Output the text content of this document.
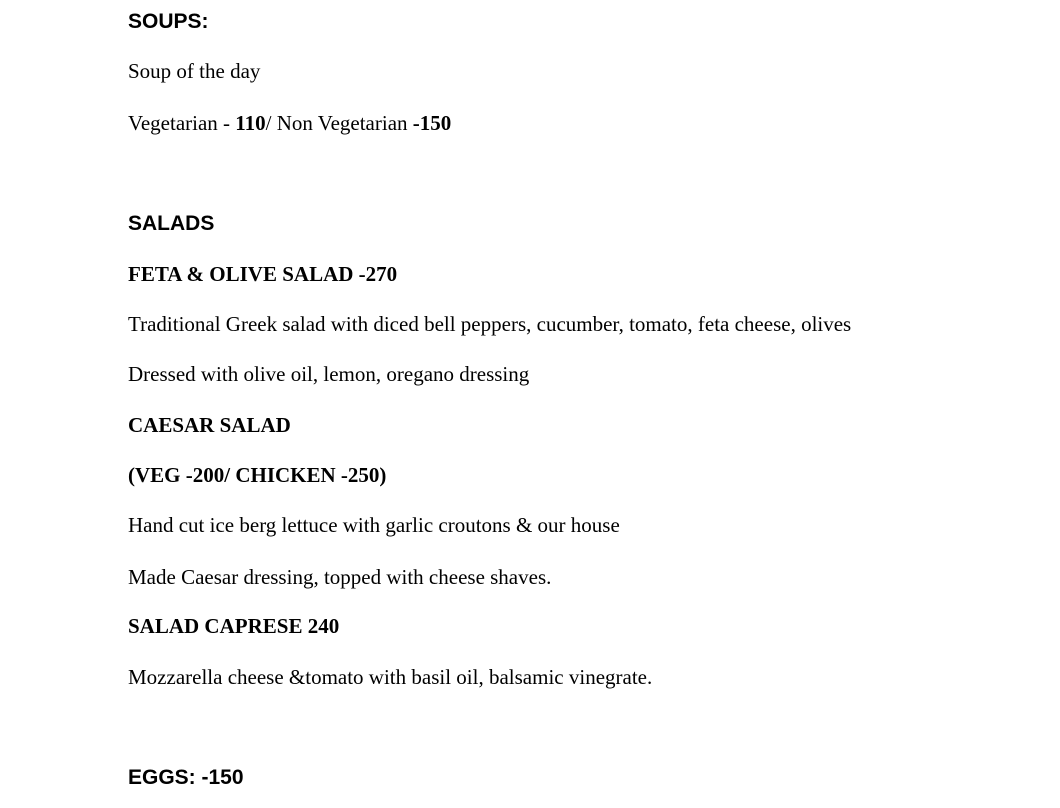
SOUPS:
Soup of the day
Vegetarian - 110/ Non Vegetarian -150
SALADS
FETA & OLIVE SALAD -270
Traditional Greek salad with diced bell peppers, cucumber, tomato, feta cheese, olives
Dressed with olive oil, lemon, oregano dressing
CAESAR SALAD
(VEG -200/ CHICKEN -250)
Hand cut ice berg lettuce with garlic croutons & our house
Made Caesar dressing, topped with cheese shaves.
SALAD CAPRESE 240
Mozzarella cheese &tomato with basil oil, balsamic vinegrate.
EGGS: -150
